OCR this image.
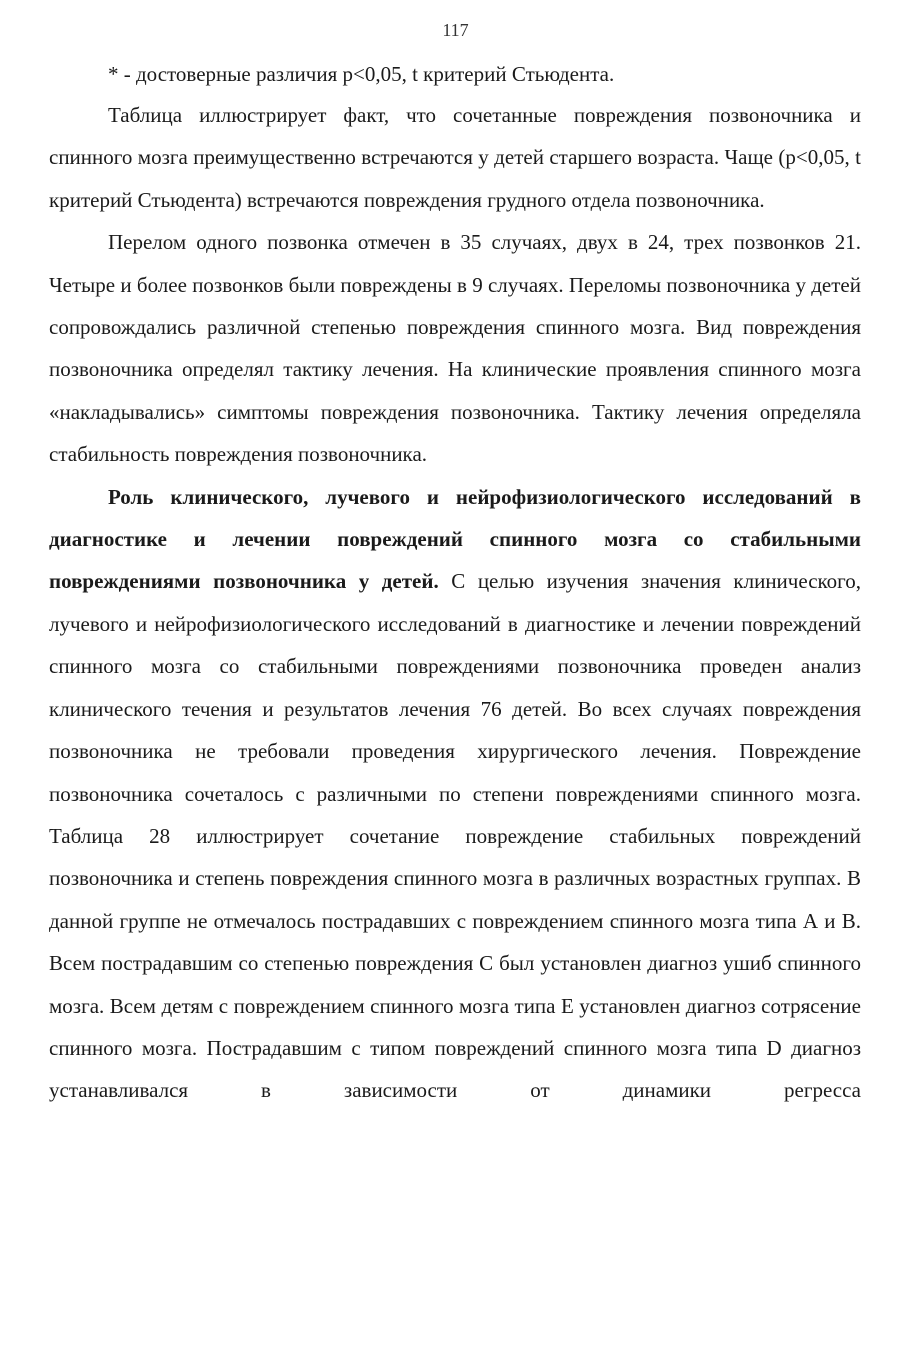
117

* - достоверные различия p<0,05, t критерий Стьюдента.

Таблица иллюстрирует факт, что сочетанные повреждения позвоночника и спинного мозга преимущественно встречаются у детей старшего возраста. Чаще (p<0,05, t критерий Стьюдента) встречаются повреждения грудного отдела позвоночника.

Перелом одного позвонка отмечен в 35 случаях, двух в 24, трех позвонков 21. Четыре и более позвонков были повреждены в 9 случаях. Переломы позвоночника у детей сопровождались различной степенью повреждения спинного мозга. Вид повреждения позвоночника определял тактику лечения. На клинические проявления спинного мозга «накладывались» симптомы повреждения позвоночника. Тактику лечения определяла стабильность повреждения позвоночника.

Роль клинического, лучевого и нейрофизиологического исследований в диагностике и лечении повреждений спинного мозга со стабильными повреждениями позвоночника у детей. С целью изучения значения клинического, лучевого и нейрофизиологического исследований в диагностике и лечении повреждений спинного мозга со стабильными повреждениями позвоночника проведен анализ клинического течения и результатов лечения 76 детей. Во всех случаях повреждения позвоночника не требовали проведения хирургического лечения. Повреждение позвоночника сочеталось с различными по степени повреждениями спинного мозга. Таблица 28 иллюстрирует сочетание повреждение стабильных повреждений позвоночника и степень повреждения спинного мозга в различных возрастных группах. В данной группе не отмечалось пострадавших с повреждением спинного мозга типа А и В. Всем пострадавшим со степенью повреждения С был установлен диагноз ушиб спинного мозга. Всем детям с повреждением спинного мозга типа Е установлен диагноз сотрясение спинного мозга. Пострадавшим с типом повреждений спинного мозга типа D диагноз устанавливался в зависимости от динамики регресса
